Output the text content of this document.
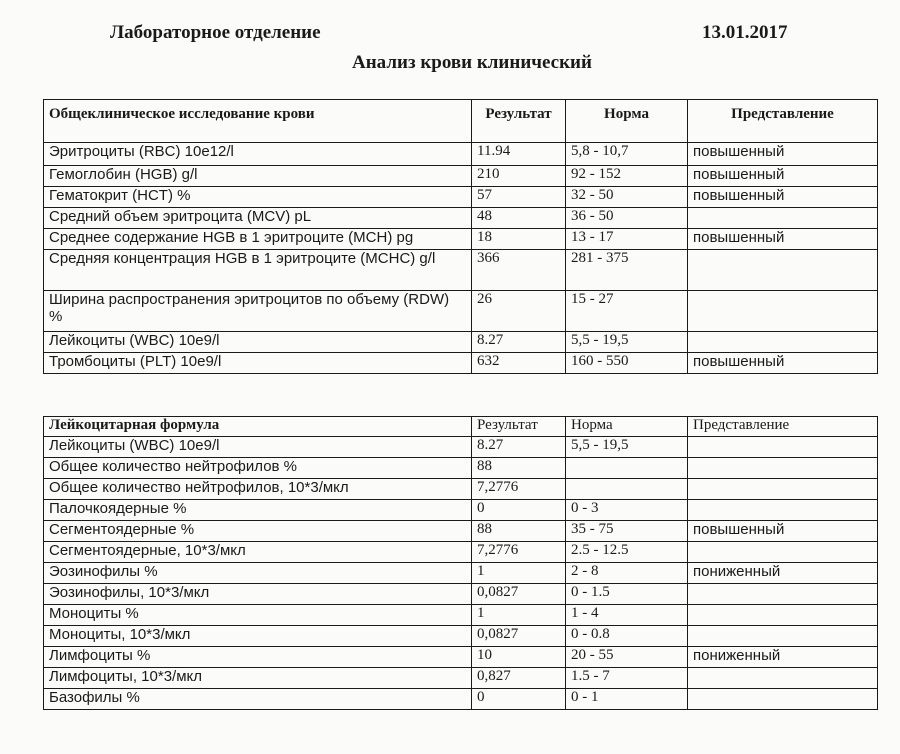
Лабораторное отделение	13.01.2017
Анализ крови клинический
Общеклиническое исследование крови	Результат	Норма	Представление
Эритроциты (RBC) 10e12/l	11.94	5,8 - 10,7	повышенный
Гемоглобин (HGB) g/l	210	92 - 152	повышенный
Гематокрит (HCT) %	57	32 - 50	повышенный
Средний объем эритроцита (MCV) pL	48	36 - 50	
Среднее содержание HGB в 1 эритроците (MCH) pg	18	13 - 17	повышенный
Средняя концентрация HGB в 1 эритроците (MCHC) g/l	366	281 - 375	
Ширина распространения эритроцитов по объему (RDW) %	26	15 - 27	
Лейкоциты (WBC) 10e9/l	8.27	5,5 - 19,5	
Тромбоциты (PLT) 10e9/l	632	160 - 550	повышенный
Лейкоцитарная формула	Результат	Норма	Представление
Лейкоциты (WBC) 10e9/l	8.27	5,5 - 19,5	
Общее количество нейтрофилов %	88		
Общее количество нейтрофилов, 10*3/мкл	7,2776		
Палочкоядерные %	0	0 - 3	
Сегментоядерные %	88	35 - 75	повышенный
Сегментоядерные, 10*3/мкл	7,2776	2.5 - 12.5	
Эозинофилы %	1	2 - 8	пониженный
Эозинофилы, 10*3/мкл	0,0827	0 - 1.5	
Моноциты %	1	1 - 4	
Моноциты, 10*3/мкл	0,0827	0 - 0.8	
Лимфоциты %	10	20 - 55	пониженный
Лимфоциты, 10*3/мкл	0,827	1.5 - 7	
Базофилы %	0	0 - 1	
